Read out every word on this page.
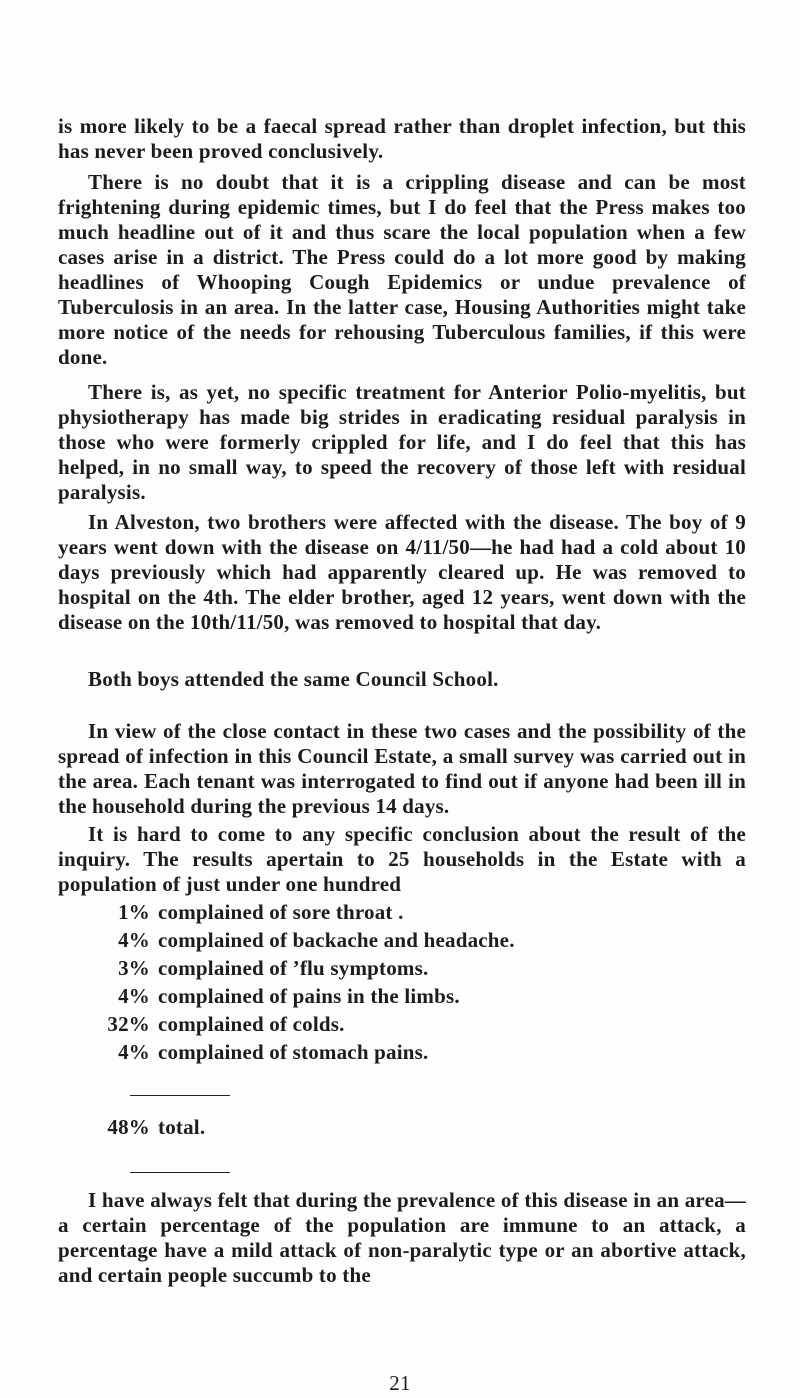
is more likely to be a faecal spread rather than droplet infection, but this has never been proved conclusively.

There is no doubt that it is a crippling disease and can be most frightening during epidemic times, but I do feel that the Press makes too much headline out of it and thus scare the local population when a few cases arise in a district. The Press could do a lot more good by making headlines of Whooping Cough Epidemics or undue prevalence of Tuberculosis in an area. In the latter case, Housing Authorities might take more notice of the needs for rehousing Tuberculous families, if this were done.

There is, as yet, no specific treatment for Anterior Polio-myelitis, but physiotherapy has made big strides in eradicating residual paralysis in those who were formerly crippled for life, and I do feel that this has helped, in no small way, to speed the recovery of those left with residual paralysis.

In Alveston, two brothers were affected with the disease. The boy of 9 years went down with the disease on 4/11/50—he had had a cold about 10 days previously which had apparently cleared up. He was removed to hospital on the 4th. The elder brother, aged 12 years, went down with the disease on the 10th/11/50, was removed to hospital that day.

Both boys attended the same Council School.

In view of the close contact in these two cases and the possibility of the spread of infection in this Council Estate, a small survey was carried out in the area. Each tenant was interrogated to find out if anyone had been ill in the household during the previous 14 days.

It is hard to come to any specific conclusion about the result of the inquiry. The results apertain to 25 households in the Estate with a population of just under one hundred

1% complained of sore throat .
4% complained of backache and headache.
3% complained of ’flu symptoms.
4% complained of pains in the limbs.
32% complained of colds.
4% complained of stomach pains.
48% total.

I have always felt that during the prevalence of this disease in an area—a certain percentage of the population are immune to an attack, a percentage have a mild attack of non-paralytic type or an abortive attack, and certain people succumb to the

21
